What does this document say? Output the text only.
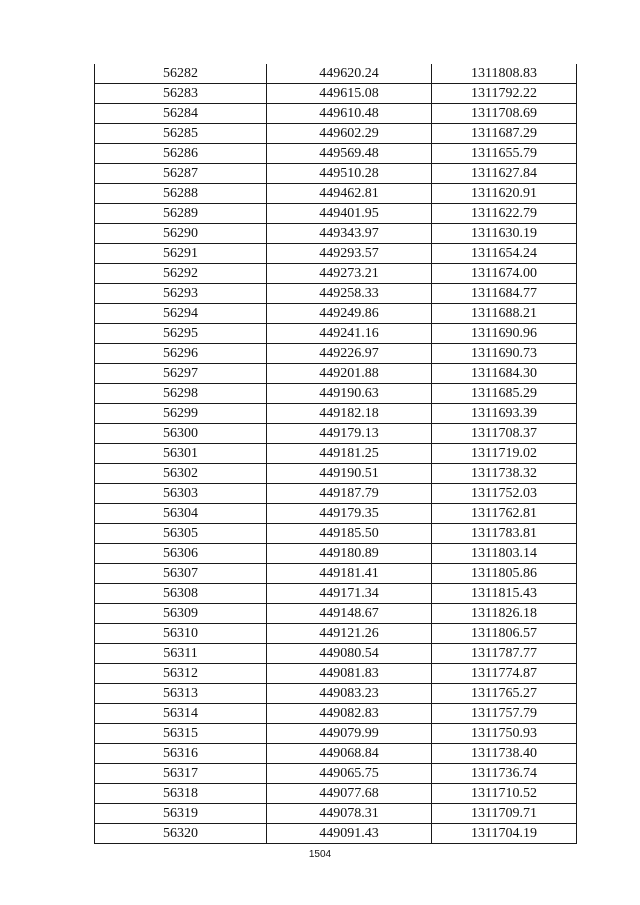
56282	449620.24	1311808.83
56283	449615.08	1311792.22
56284	449610.48	1311708.69
56285	449602.29	1311687.29
56286	449569.48	1311655.79
56287	449510.28	1311627.84
56288	449462.81	1311620.91
56289	449401.95	1311622.79
56290	449343.97	1311630.19
56291	449293.57	1311654.24
56292	449273.21	1311674.00
56293	449258.33	1311684.77
56294	449249.86	1311688.21
56295	449241.16	1311690.96
56296	449226.97	1311690.73
56297	449201.88	1311684.30
56298	449190.63	1311685.29
56299	449182.18	1311693.39
56300	449179.13	1311708.37
56301	449181.25	1311719.02
56302	449190.51	1311738.32
56303	449187.79	1311752.03
56304	449179.35	1311762.81
56305	449185.50	1311783.81
56306	449180.89	1311803.14
56307	449181.41	1311805.86
56308	449171.34	1311815.43
56309	449148.67	1311826.18
56310	449121.26	1311806.57
56311	449080.54	1311787.77
56312	449081.83	1311774.87
56313	449083.23	1311765.27
56314	449082.83	1311757.79
56315	449079.99	1311750.93
56316	449068.84	1311738.40
56317	449065.75	1311736.74
56318	449077.68	1311710.52
56319	449078.31	1311709.71
56320	449091.43	1311704.19
1504
